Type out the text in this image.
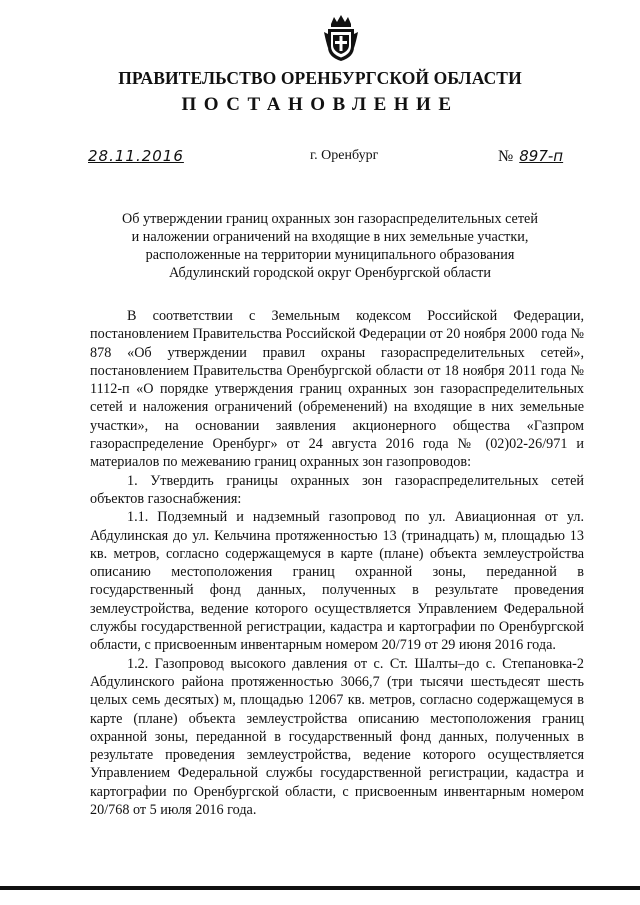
ПРАВИТЕЛЬСТВО ОРЕНБУРГСКОЙ ОБЛАСТИ
ПОСТАНОВЛЕНИЕ
28.11.2016	г. Оренбург	№ 897-п
Об утверждении границ охранных зон газораспределительных сетей
и наложении ограничений на входящие в них земельные участки,
расположенные на территории муниципального образования
Абдулинский городской округ Оренбургской области

В соответствии с Земельным кодексом Российской Федерации, постановлением Правительства Российской Федерации от 20 ноября 2000 года № 878 «Об утверждении правил охраны газораспределительных сетей», постановлением Правительства Оренбургской области от 18 ноября 2011 года № 1112-п «О порядке утверждения границ охранных зон газораспределительных сетей и наложения ограничений (обременений) на входящие в них земельные участки», на основании заявления акционерного общества «Газпром газораспределение Оренбург» от 24 августа 2016 года № (02)02-26/971 и материалов по межеванию границ охранных зон газопроводов:

1. Утвердить границы охранных зон газораспределительных сетей объектов газоснабжения:

1.1. Подземный и надземный газопровод по ул. Авиационная от ул. Абдулинская до ул. Кельчина протяженностью 13 (тринадцать) м, площадью 13 кв. метров, согласно содержащемуся в карте (плане) объекта землеустройства описанию местоположения границ охранной зоны, переданной в государственный фонд данных, полученных в результате проведения землеустройства, ведение которого осуществляется Управлением Федеральной службы государственной регистрации, кадастра и картографии по Оренбургской области, с присвоенным инвентарным номером 20/719 от 29 июня 2016 года.

1.2. Газопровод высокого давления от с. Ст. Шалты–до с. Степановка-2 Абдулинского района протяженностью 3066,7 (три тысячи шестьдесят шесть целых семь десятых) м, площадью 12067 кв. метров, согласно содержащемуся в карте (плане) объекта землеустройства описанию местоположения границ охранной зоны, переданной в государственный фонд данных, полученных в результате проведения землеустройства, ведение которого осуществляется Управлением Федеральной службы государственной регистрации, кадастра и картографии по Оренбургской области, с присвоенным инвентарным номером 20/768 от 5 июля 2016 года.
